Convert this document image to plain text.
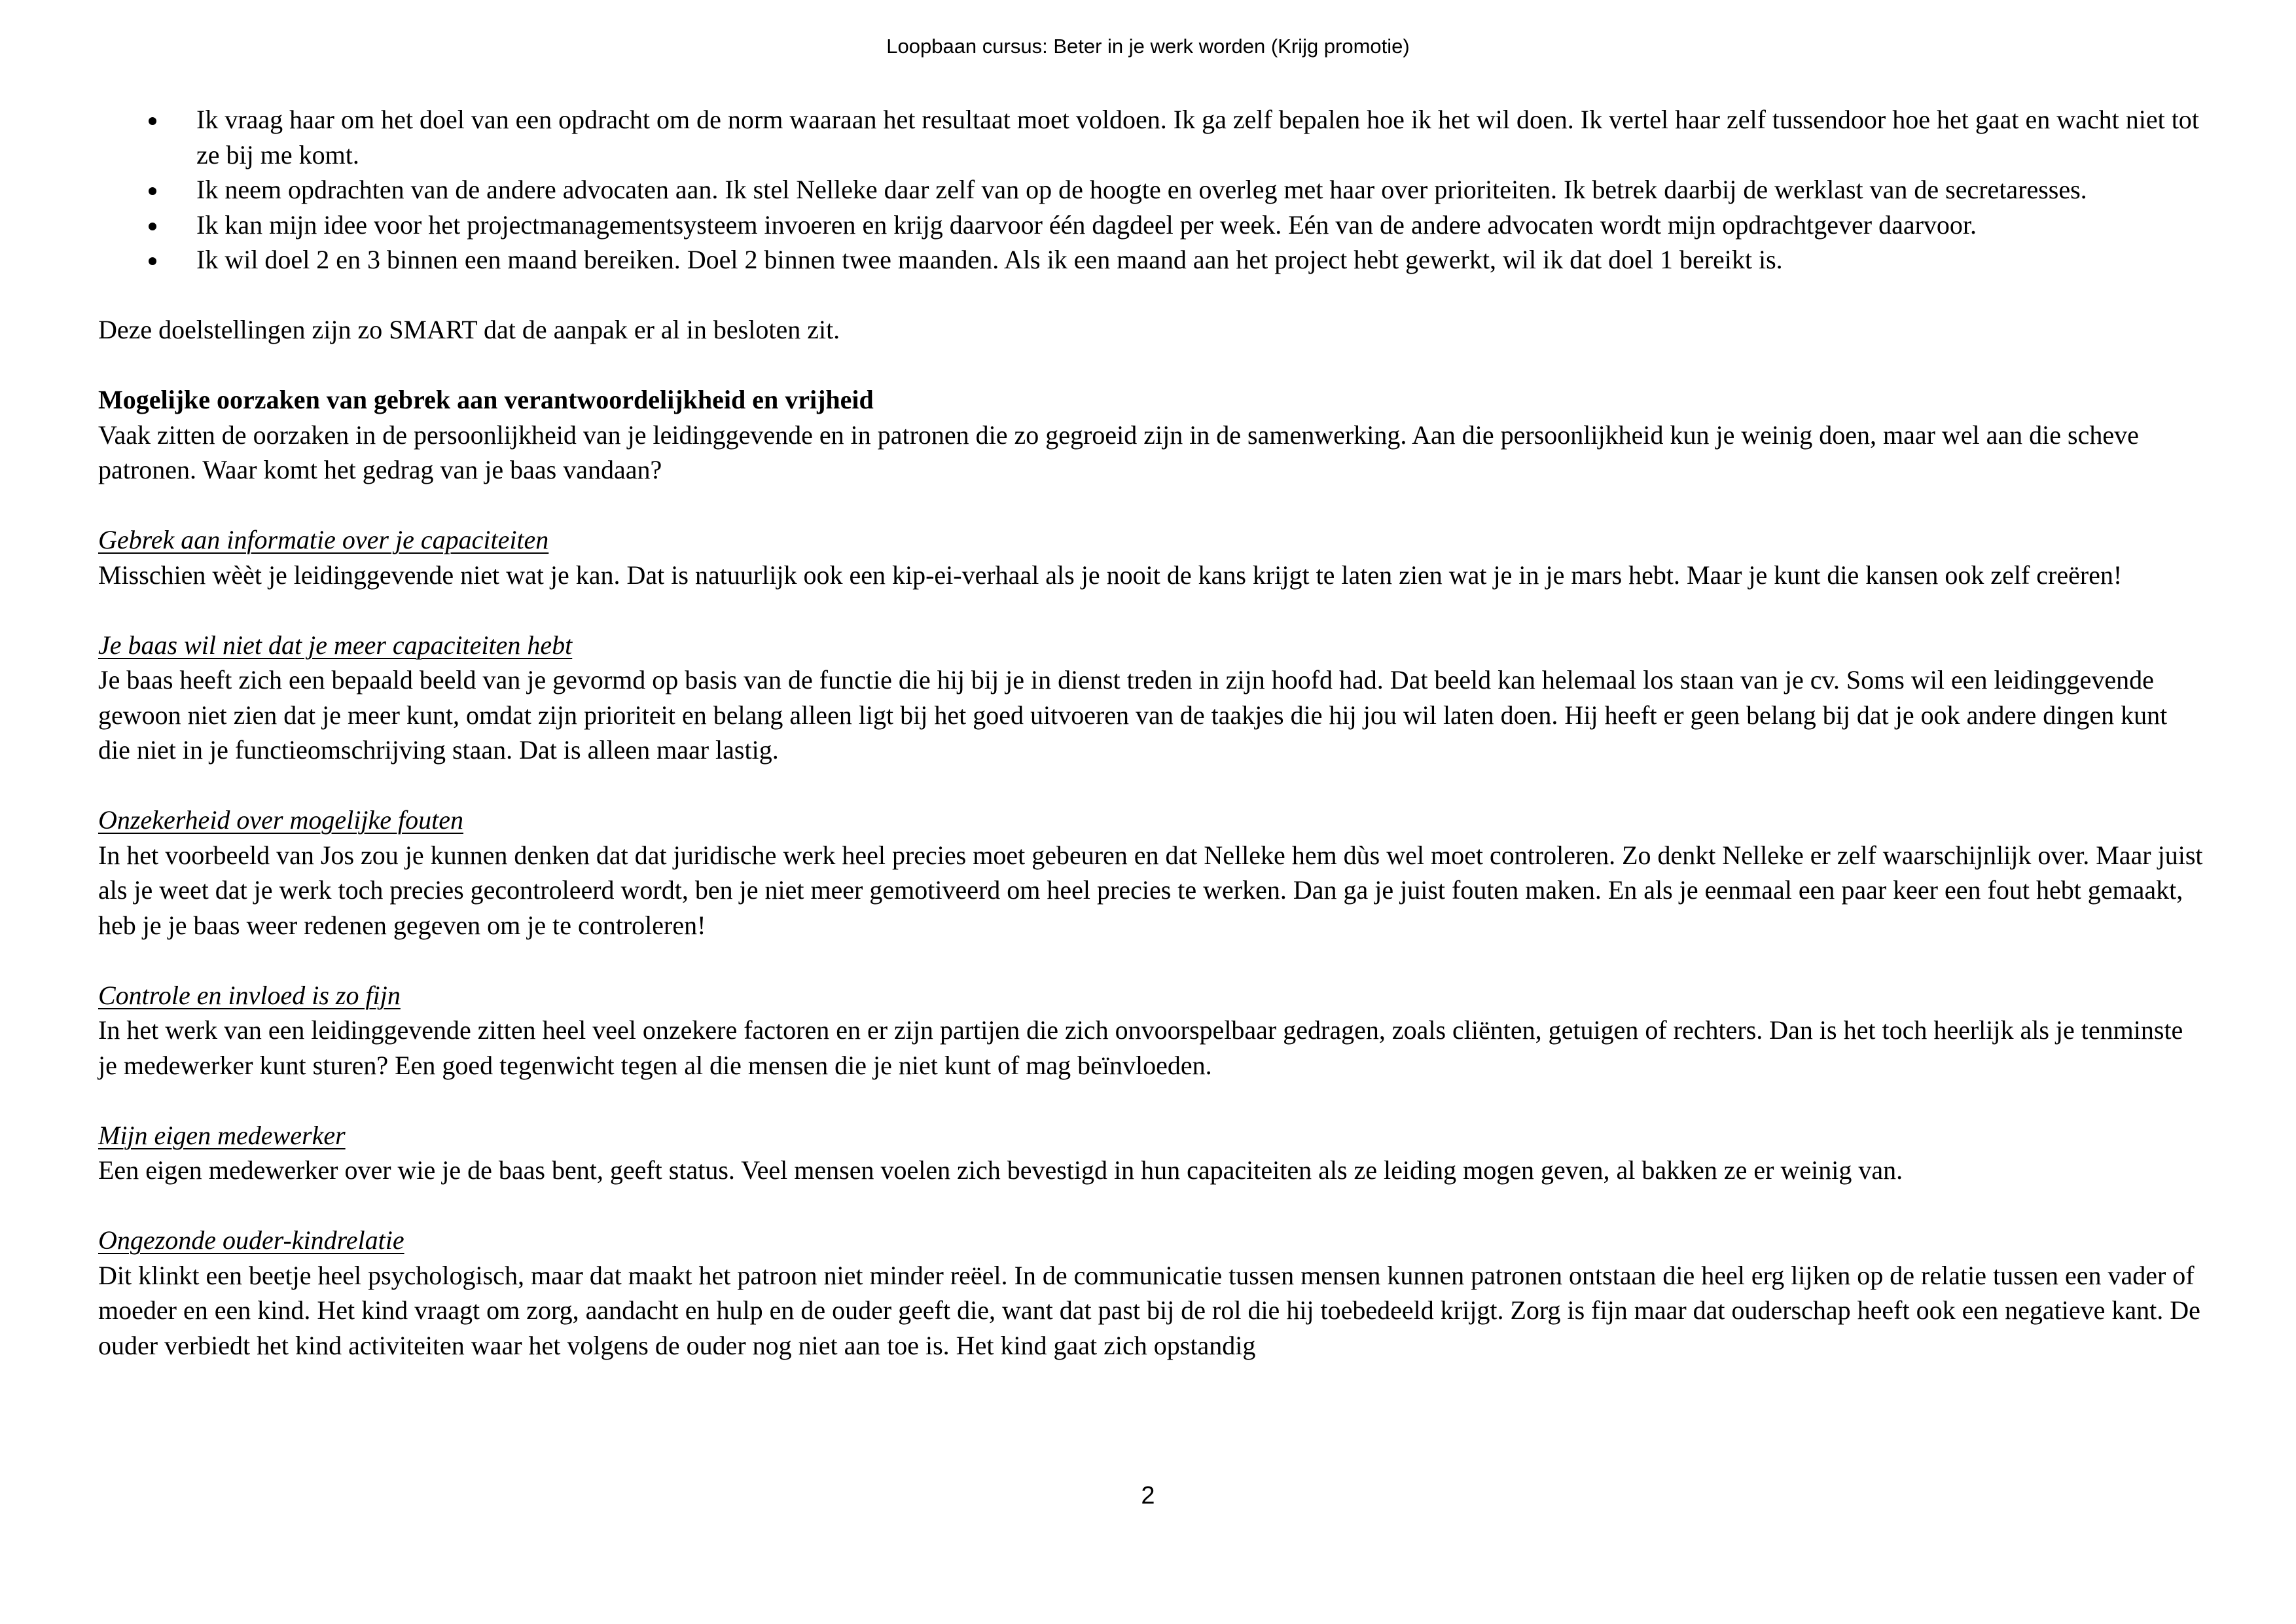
Loopbaan cursus: Beter in je werk worden (Krijg promotie)
Ik vraag haar om het doel van een opdracht om de norm waaraan het resultaat moet voldoen. Ik ga zelf bepalen hoe ik het wil doen. Ik vertel haar zelf tussendoor hoe het gaat en wacht niet tot ze bij me komt.
Ik neem opdrachten van de andere advocaten aan. Ik stel Nelleke daar zelf van op de hoogte en overleg met haar over prioriteiten. Ik betrek daarbij de werklast van de secretaresses.
Ik kan mijn idee voor het projectmanagementsysteem invoeren en krijg daarvoor één dagdeel per week. Eén van de andere advocaten wordt mijn opdrachtgever daarvoor.
Ik wil doel 2 en 3 binnen een maand bereiken. Doel 2 binnen twee maanden. Als ik een maand aan het project hebt gewerkt, wil ik dat doel 1 bereikt is.

Deze doelstellingen zijn zo SMART dat de aanpak er al in besloten zit.

Mogelijke oorzaken van gebrek aan verantwoordelijkheid en vrijheid

Vaak zitten de oorzaken in de persoonlijkheid van je leidinggevende en in patronen die zo gegroeid zijn in de samenwerking. Aan die persoonlijkheid kun je weinig doen, maar wel aan die scheve patronen. Waar komt het gedrag van je baas vandaan?

Gebrek aan informatie over je capaciteiten

Misschien wèèt je leidinggevende niet wat je kan. Dat is natuurlijk ook een kip-ei-verhaal als je nooit de kans krijgt te laten zien wat je in je mars hebt. Maar je kunt die kansen ook zelf creëren!

Je baas wil niet dat je meer capaciteiten hebt

Je baas heeft zich een bepaald beeld van je gevormd op basis van de functie die hij bij je in dienst treden in zijn hoofd had. Dat beeld kan helemaal los staan van je cv. Soms wil een leidinggevende gewoon niet zien dat je meer kunt, omdat zijn prioriteit en belang alleen ligt bij het goed uitvoeren van de taakjes die hij jou wil laten doen. Hij heeft er geen belang bij dat je ook andere dingen kunt die niet in je functieomschrijving staan. Dat is alleen maar lastig.

Onzekerheid over mogelijke fouten

In het voorbeeld van Jos zou je kunnen denken dat dat juridische werk heel precies moet gebeuren en dat Nelleke hem dùs wel moet controleren. Zo denkt Nelleke er zelf waarschijnlijk over. Maar juist als je weet dat je werk toch precies gecontroleerd wordt, ben je niet meer gemotiveerd om heel precies te werken. Dan ga je juist fouten maken. En als je eenmaal een paar keer een fout hebt gemaakt, heb je je baas weer redenen gegeven om je te controleren!

Controle en invloed is zo fijn

In het werk van een leidinggevende zitten heel veel onzekere factoren en er zijn partijen die zich onvoorspelbaar gedragen, zoals cliënten, getuigen of rechters. Dan is het toch heerlijk als je tenminste je medewerker kunt sturen? Een goed tegenwicht tegen al die mensen die je niet kunt of mag beïnvloeden.

Mijn eigen medewerker

Een eigen medewerker over wie je de baas bent, geeft status. Veel mensen voelen zich bevestigd in hun capaciteiten als ze leiding mogen geven, al bakken ze er weinig van.

Ongezonde ouder-kindrelatie

Dit klinkt een beetje heel psychologisch, maar dat maakt het patroon niet minder reëel. In de communicatie tussen mensen kunnen patronen ontstaan die heel erg lijken op de relatie tussen een vader of moeder en een kind. Het kind vraagt om zorg, aandacht en hulp en de ouder geeft die, want dat past bij de rol die hij toebedeeld krijgt. Zorg is fijn maar dat ouderschap heeft ook een negatieve kant. De ouder verbiedt het kind activiteiten waar het volgens de ouder nog niet aan toe is. Het kind gaat zich opstandig

2
